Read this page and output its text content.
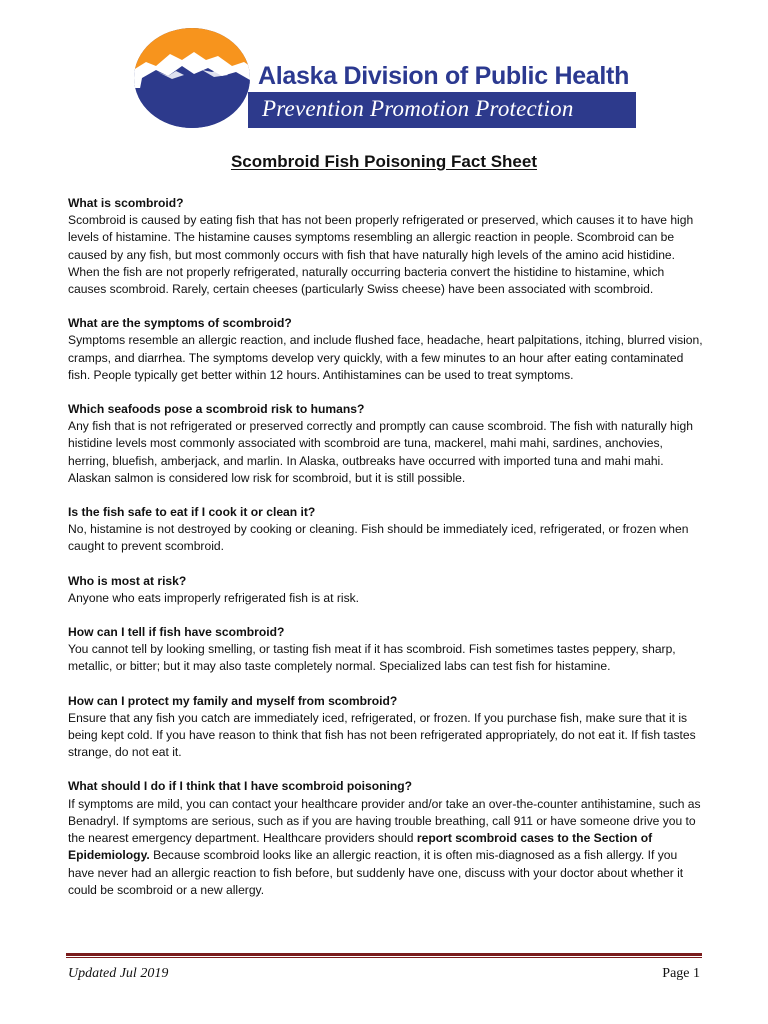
Alaska Division of Public Health
Prevention Promotion Protection
Scombroid Fish Poisoning Fact Sheet

What is scombroid?

Scombroid is caused by eating fish that has not been properly refrigerated or preserved, which causes it to have high levels of histamine. The histamine causes symptoms resembling an allergic reaction in people. Scombroid can be caused by any fish, but most commonly occurs with fish that have naturally high levels of the amino acid histidine. When the fish are not properly refrigerated, naturally occurring bacteria convert the histidine to histamine, which causes scombroid. Rarely, certain cheeses (particularly Swiss cheese) have been associated with scombroid.

What are the symptoms of scombroid?

Symptoms resemble an allergic reaction, and include flushed face, headache, heart palpitations, itching, blurred vision, cramps, and diarrhea. The symptoms develop very quickly, with a few minutes to an hour after eating contaminated fish. People typically get better within 12 hours. Antihistamines can be used to treat symptoms.

Which seafoods pose a scombroid risk to humans?

Any fish that is not refrigerated or preserved correctly and promptly can cause scombroid. The fish with naturally high histidine levels most commonly associated with scombroid are tuna, mackerel, mahi mahi, sardines, anchovies, herring, bluefish, amberjack, and marlin. In Alaska, outbreaks have occurred with imported tuna and mahi mahi. Alaskan salmon is considered low risk for scombroid, but it is still possible.

Is the fish safe to eat if I cook it or clean it?

No, histamine is not destroyed by cooking or cleaning. Fish should be immediately iced, refrigerated, or frozen when caught to prevent scombroid.

Who is most at risk?

Anyone who eats improperly refrigerated fish is at risk.

How can I tell if fish have scombroid?

You cannot tell by looking smelling, or tasting fish meat if it has scombroid. Fish sometimes tastes peppery, sharp, metallic, or bitter; but it may also taste completely normal. Specialized labs can test fish for histamine.

How can I protect my family and myself from scombroid?

Ensure that any fish you catch are immediately iced, refrigerated, or frozen. If you purchase fish, make sure that it is being kept cold. If you have reason to think that fish has not been refrigerated appropriately, do not eat it. If fish tastes strange, do not eat it.

What should I do if I think that I have scombroid poisoning?

If symptoms are mild, you can contact your healthcare provider and/or take an over-the-counter antihistamine, such as Benadryl. If symptoms are serious, such as if you are having trouble breathing, call 911 or have someone drive you to the nearest emergency department. Healthcare providers should report scombroid cases to the Section of Epidemiology. Because scombroid looks like an allergic reaction, it is often mis-diagnosed as a fish allergy. If you have never had an allergic reaction to fish before, but suddenly have one, discuss with your doctor about whether it could be scombroid or a new allergy.

Updated Jul 2019	Page 1
